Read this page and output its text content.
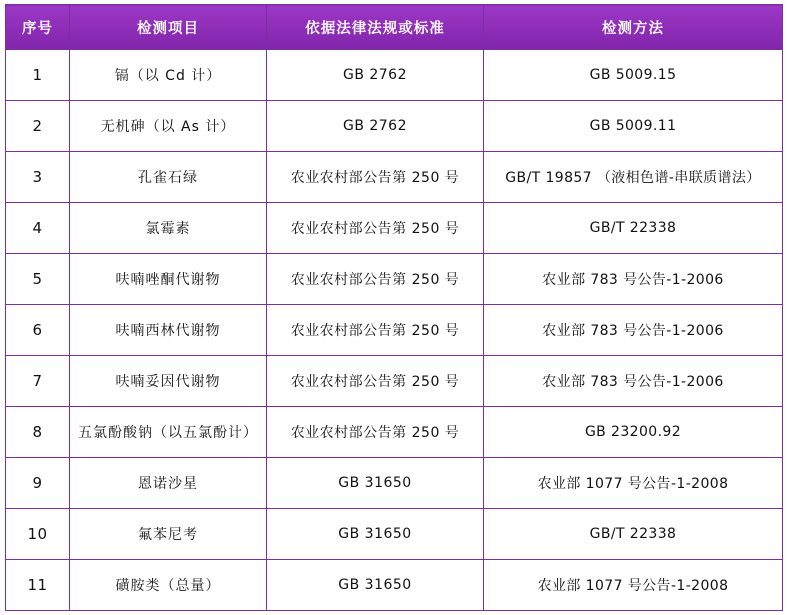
序号	检测项目	依据法律法规或标准	检测方法
1	镉（以 Cd 计）	GB 2762	GB 5009.15
2	无机砷（以 As 计）	GB 2762	GB 5009.11
3	孔雀石绿	农业农村部公告第 250 号	GB/T 19857 （液相色谱-串联质谱法）
4	氯霉素	农业农村部公告第 250 号	GB/T 22338
5	呋喃唑酮代谢物	农业农村部公告第 250 号	农业部 783 号公告-1-2006
6	呋喃西林代谢物	农业农村部公告第 250 号	农业部 783 号公告-1-2006
7	呋喃妥因代谢物	农业农村部公告第 250 号	农业部 783 号公告-1-2006
8	五氯酚酸钠（以五氯酚计）	农业农村部公告第 250 号	GB 23200.92
9	恩诺沙星	GB 31650	农业部 1077 号公告-1-2008
10	氟苯尼考	GB 31650	GB/T 22338
11	磺胺类（总量）	GB 31650	农业部 1077 号公告-1-2008
